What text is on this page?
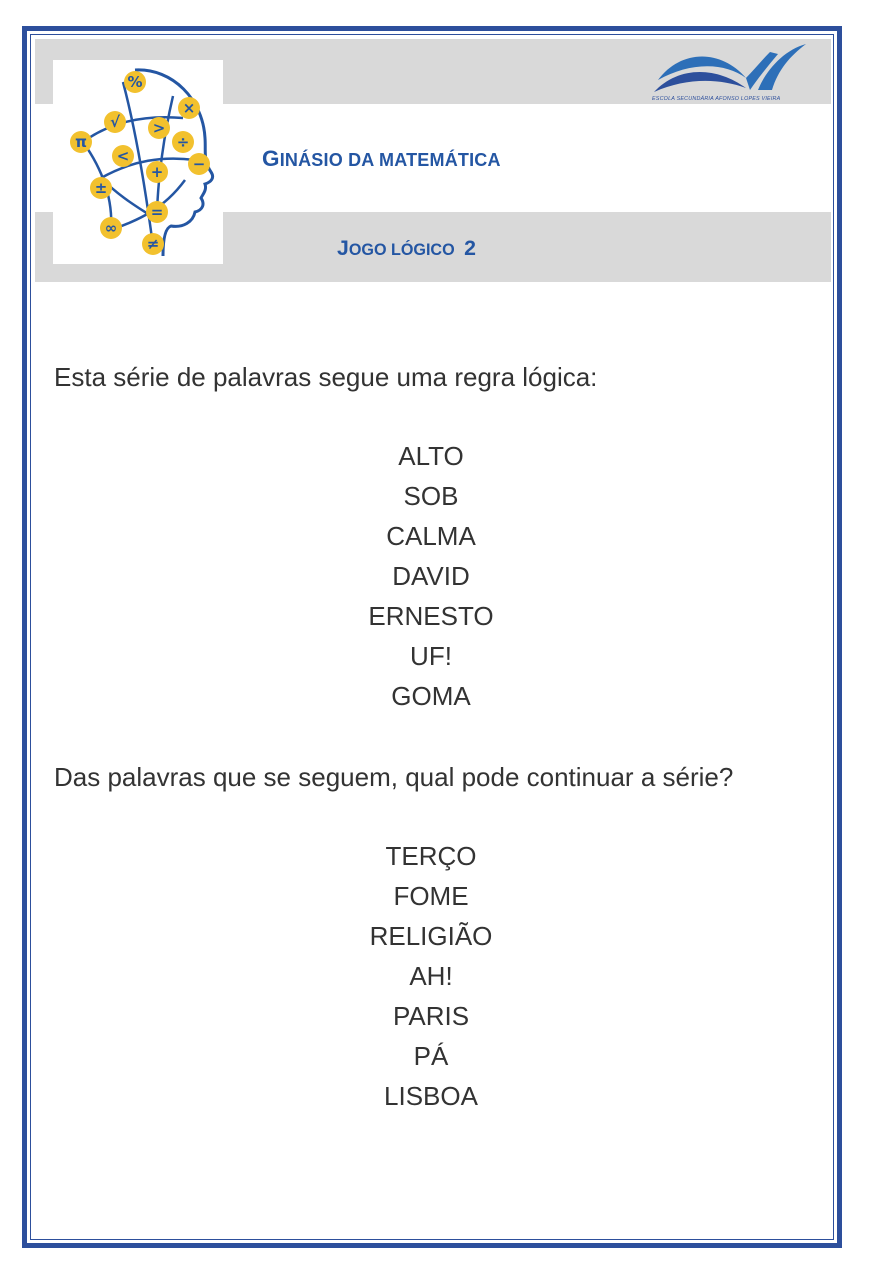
%
×
√ >
÷
π
<
+ −
±
=
∞
≠
ESCOLA SECUNDÁRIA AFONSO LOPES VIEIRA
GINÁSIO DA MATEMÁTICA
JOGO LÓGICO 2
Esta série de palavras segue uma regra lógica:
ALTO
SOB
CALMA
DAVID
ERNESTO
UF!
GOMA
Das palavras que se seguem, qual pode continuar a série?
TERÇO
FOME
RELIGIÃO
AH!
PARIS
PÁ
LISBOA
